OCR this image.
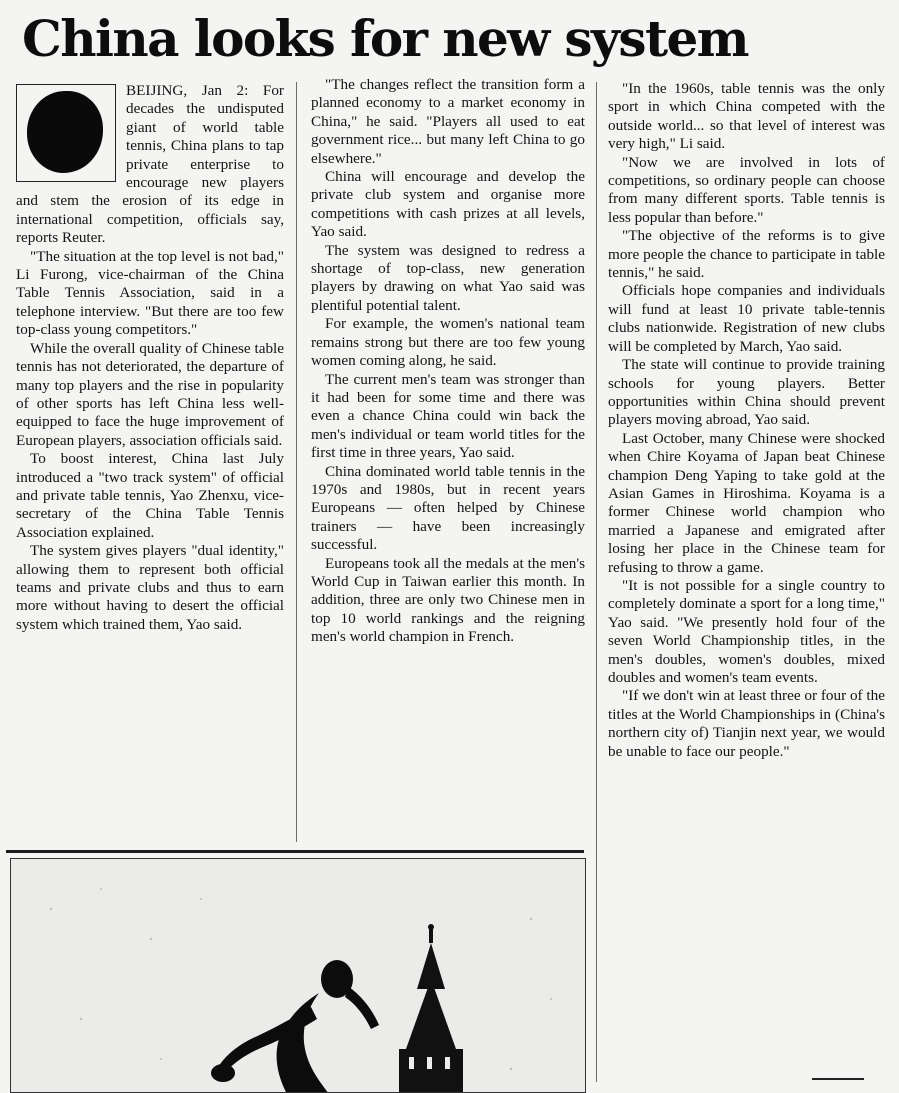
China looks for new system

BEIJING, Jan 2: For decades the undisputed giant of world table tennis, China plans to tap private enterprise to encourage new players and stem the erosion of its edge in international competition, officials say, reports Reuter.

"The situation at the top level is not bad," Li Furong, vice-chairman of the China Table Tennis Association, said in a telephone interview. "But there are too few top-class young competitors."

While the overall quality of Chinese table tennis has not deteriorated, the departure of many top players and the rise in popularity of other sports has left China less well-equipped to face the huge improvement of European players, association officials said.

To boost interest, China last July introduced a "two track system" of official and private table tennis, Yao Zhenxu, vice-secretary of the China Table Tennis Association explained.

The system gives players "dual identity," allowing them to represent both official teams and private clubs and thus to earn more without having to desert the official system which trained them, Yao said.

"The changes reflect the transition form a planned economy to a market economy in China," he said. "Players all used to eat government rice... but many left China to go elsewhere."

China will encourage and develop the private club system and organise more competitions with cash prizes at all levels, Yao said.

The system was designed to redress a shortage of top-class, new generation players by drawing on what Yao said was plentiful potential talent.

For example, the women's national team remains strong but there are too few young women coming along, he said.

The current men's team was stronger than it had been for some time and there was even a chance China could win back the men's individual or team world titles for the first time in three years, Yao said.

China dominated world table tennis in the 1970s and 1980s, but in recent years Europeans — often helped by Chinese trainers — have been increasingly successful.

Europeans took all the medals at the men's World Cup in Taiwan earlier this month. In addition, three are only two Chinese men in top 10 world rankings and the reigning men's world champion in French.

"In the 1960s, table tennis was the only sport in which China competed with the outside world... so that level of interest was very high," Li said.

"Now we are involved in lots of competitions, so ordinary people can choose from many different sports. Table tennis is less popular than before."

"The objective of the reforms is to give more people the chance to participate in table tennis," he said.

Officials hope companies and individuals will fund at least 10 private table-tennis clubs nationwide. Registration of new clubs will be completed by March, Yao said.

The state will continue to provide training schools for young players. Better opportunities within China should prevent players moving abroad, Yao said.

Last October, many Chinese were shocked when Chire Koyama of Japan beat Chinese champion Deng Yaping to take gold at the Asian Games in Hiroshima. Koyama is a former Chinese world champion who married a Japanese and emigrated after losing her place in the Chinese team for refusing to throw a game.

"It is not possible for a single country to completely dominate a sport for a long time," Yao said. "We presently hold four of the seven World Championship titles, in the men's doubles, women's doubles, mixed doubles and women's team events.

"If we don't win at least three or four of the titles at the World Championships in (China's northern city of) Tianjin next year, we would be unable to face our people."
